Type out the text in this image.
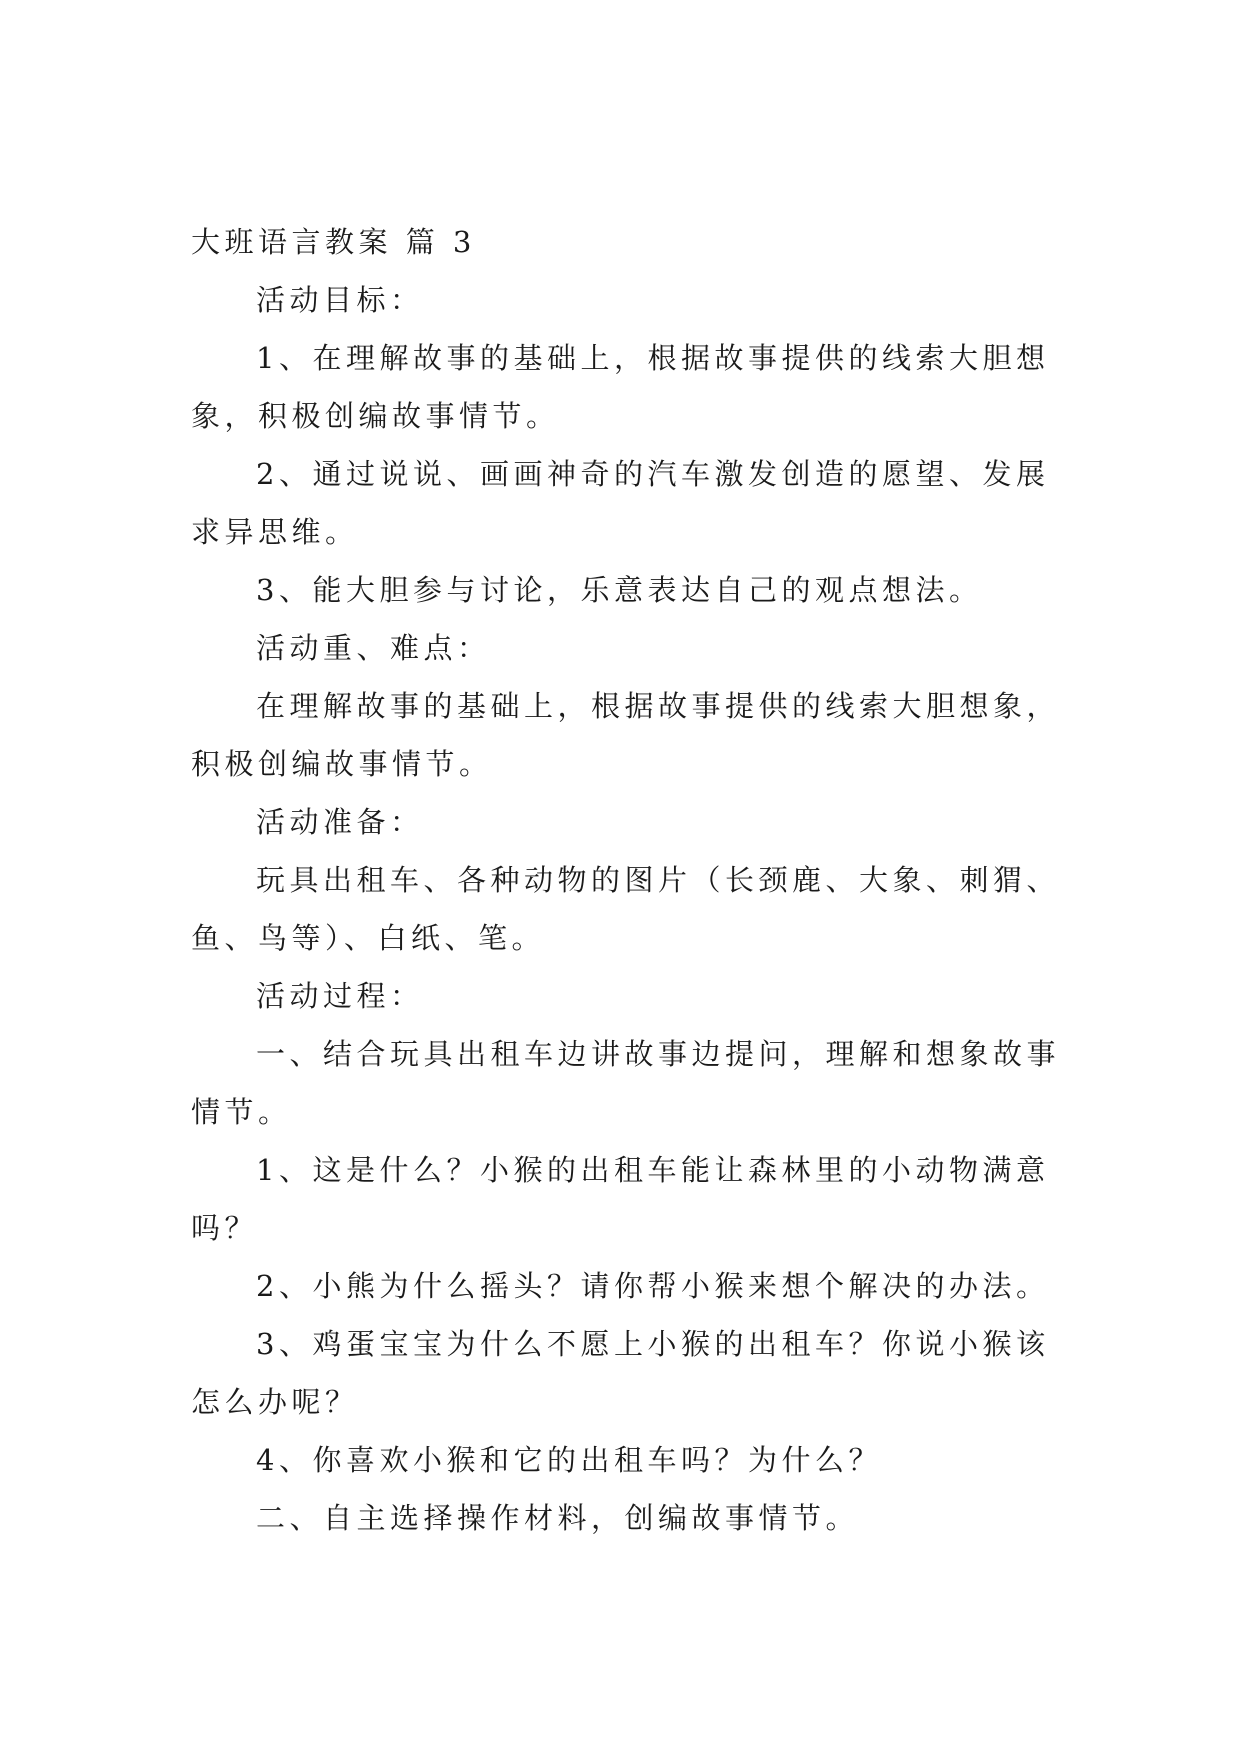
大班语言教案 篇 3
活动目标：
1、在理解故事的基础上，根据故事提供的线索大胆想
象，积极创编故事情节。
2、通过说说、画画神奇的汽车激发创造的愿望、发展
求异思维。
3、能大胆参与讨论，乐意表达自己的观点想法。
活动重、难点：
在理解故事的基础上，根据故事提供的线索大胆想象，
积极创编故事情节。
活动准备：
玩具出租车、各种动物的图片（长颈鹿、大象、刺猬、
鱼、鸟等）、白纸、笔。
活动过程：
一、结合玩具出租车边讲故事边提问，理解和想象故事
情节。
1、这是什么？小猴的出租车能让森林里的小动物满意
吗？
2、小熊为什么摇头？请你帮小猴来想个解决的办法。
3、鸡蛋宝宝为什么不愿上小猴的出租车？你说小猴该
怎么办呢？
4、你喜欢小猴和它的出租车吗？为什么？
二、自主选择操作材料，创编故事情节。
